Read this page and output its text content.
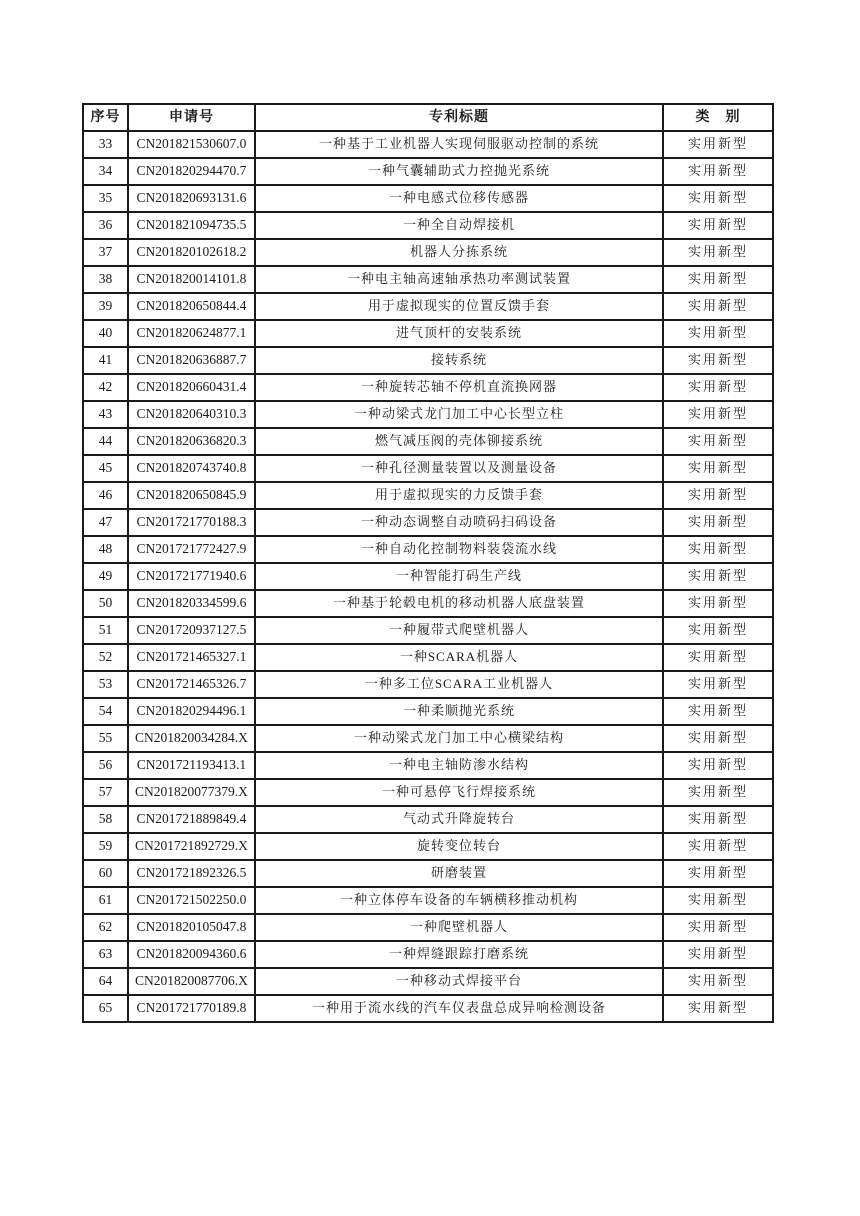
序号	申请号	专利标题	类　别
33	CN201821530607.0	一种基于工业机器人实现伺服驱动控制的系统	实用新型
34	CN201820294470.7	一种气囊辅助式力控抛光系统	实用新型
35	CN201820693131.6	一种电感式位移传感器	实用新型
36	CN201821094735.5	一种全自动焊接机	实用新型
37	CN201820102618.2	机器人分拣系统	实用新型
38	CN201820014101.8	一种电主轴高速轴承热功率测试装置	实用新型
39	CN201820650844.4	用于虚拟现实的位置反馈手套	实用新型
40	CN201820624877.1	进气顶杆的安装系统	实用新型
41	CN201820636887.7	接转系统	实用新型
42	CN201820660431.4	一种旋转芯轴不停机直流换网器	实用新型
43	CN201820640310.3	一种动梁式龙门加工中心长型立柱	实用新型
44	CN201820636820.3	燃气减压阀的壳体铆接系统	实用新型
45	CN201820743740.8	一种孔径测量装置以及测量设备	实用新型
46	CN201820650845.9	用于虚拟现实的力反馈手套	实用新型
47	CN201721770188.3	一种动态调整自动喷码扫码设备	实用新型
48	CN201721772427.9	一种自动化控制物料装袋流水线	实用新型
49	CN201721771940.6	一种智能打码生产线	实用新型
50	CN201820334599.6	一种基于轮毂电机的移动机器人底盘装置	实用新型
51	CN201720937127.5	一种履带式爬壁机器人	实用新型
52	CN201721465327.1	一种SCARA机器人	实用新型
53	CN201721465326.7	一种多工位SCARA工业机器人	实用新型
54	CN201820294496.1	一种柔顺抛光系统	实用新型
55	CN201820034284.X	一种动梁式龙门加工中心横梁结构	实用新型
56	CN201721193413.1	一种电主轴防渗水结构	实用新型
57	CN201820077379.X	一种可悬停飞行焊接系统	实用新型
58	CN201721889849.4	气动式升降旋转台	实用新型
59	CN201721892729.X	旋转变位转台	实用新型
60	CN201721892326.5	研磨装置	实用新型
61	CN201721502250.0	一种立体停车设备的车辆横移推动机构	实用新型
62	CN201820105047.8	一种爬壁机器人	实用新型
63	CN201820094360.6	一种焊缝跟踪打磨系统	实用新型
64	CN201820087706.X	一种移动式焊接平台	实用新型
65	CN201721770189.8	一种用于流水线的汽车仪表盘总成异响检测设备	实用新型
